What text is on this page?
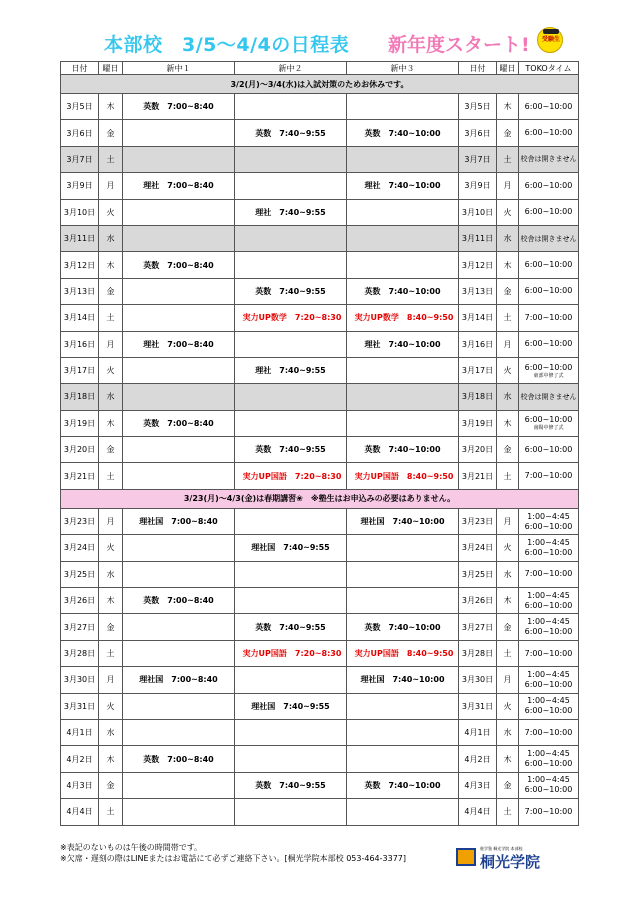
本部校　3/5～4/4の日程表 新年度スタート!	受験生
日付	曜日	新中１	新中２	新中３	日付	曜日	TOKOタイム
3/2(月)～3/4(水)は入試対策のためお休みです。							
3月5日	木	英数　7:00~8:40			3月5日	木	6:00~10:00

3月6日	金		英数　7:40~9:55	英数　7:40~10:00	3月6日	金	6:00~10:00

3月7日	土				3月7日	土	校舎は開きません

3月9日	月	理社　7:00~8:40		理社　7:40~10:00	3月9日	月	6:00~10:00

3月10日	火		理社　7:40~9:55		3月10日	火	6:00~10:00

3月11日	水				3月11日	水	校舎は開きません

3月12日	木	英数　7:00~8:40			3月12日	木	6:00~10:00

3月13日	金		英数　7:40~9:55	英数　7:40~10:00	3月13日	金	6:00~10:00

3月14日	土		実力UP数学　7:20~8:30	実力UP数学　8:40~9:50	3月14日	土	7:00~10:00

3月16日	月	理社　7:00~8:40		理社　7:40~10:00	3月16日	月	6:00~10:00

3月17日	火		理社　7:40~9:55		3月17日	火	6:00~10:00
東部中修了式

3月18日	水				3月18日	水	校舎は開きません

3月19日	木	英数　7:00~8:40			3月19日	木	6:00~10:00
南陽中修了式

3月20日	金		英数　7:40~9:55	英数　7:40~10:00	3月20日	金	6:00~10:00

3月21日	土		実力UP国語　7:20~8:30	実力UP国語　8:40~9:50	3月21日	土	7:00~10:00

3/23(月)～4/3(金)は春期講習❀　※塾生はお申込みの必要はありません。							
3月23日	月	理社国　7:00~8:40		理社国　7:40~10:00	3月23日	月	1:00~4:45
6:00~10:00

3月24日	火		理社国　7:40~9:55		3月24日	火	1:00~4:45
6:00~10:00

3月25日	水				3月25日	水	7:00~10:00

3月26日	木	英数　7:00~8:40			3月26日	木	1:00~4:45
6:00~10:00

3月27日	金		英数　7:40~9:55	英数　7:40~10:00	3月27日	金	1:00~4:45
6:00~10:00

3月28日	土		実力UP国語　7:20~8:30	実力UP国語　8:40~9:50	3月28日	土	7:00~10:00

3月30日	月	理社国　7:00~8:40		理社国　7:40~10:00	3月30日	月	1:00~4:45
6:00~10:00

3月31日	火		理社国　7:40~9:55		3月31日	火	1:00~4:45
6:00~10:00

4月1日	水				4月1日	水	7:00~10:00

4月2日	木	英数　7:00~8:40			4月2日	木	1:00~4:45
6:00~10:00

4月3日	金		英数　7:40~9:55	英数　7:40~10:00	4月3日	金	1:00~4:45
6:00~10:00

4月4日	土				4月4日	土	7:00~10:00
※表記のないものは午後の時間帯です。
※欠席・遅刻の際はLINEまたはお電話にて必ずご連絡下さい。[桐光学院本部校 053-464-3377]
進学塾 桐光学院 本部校
桐光学院
